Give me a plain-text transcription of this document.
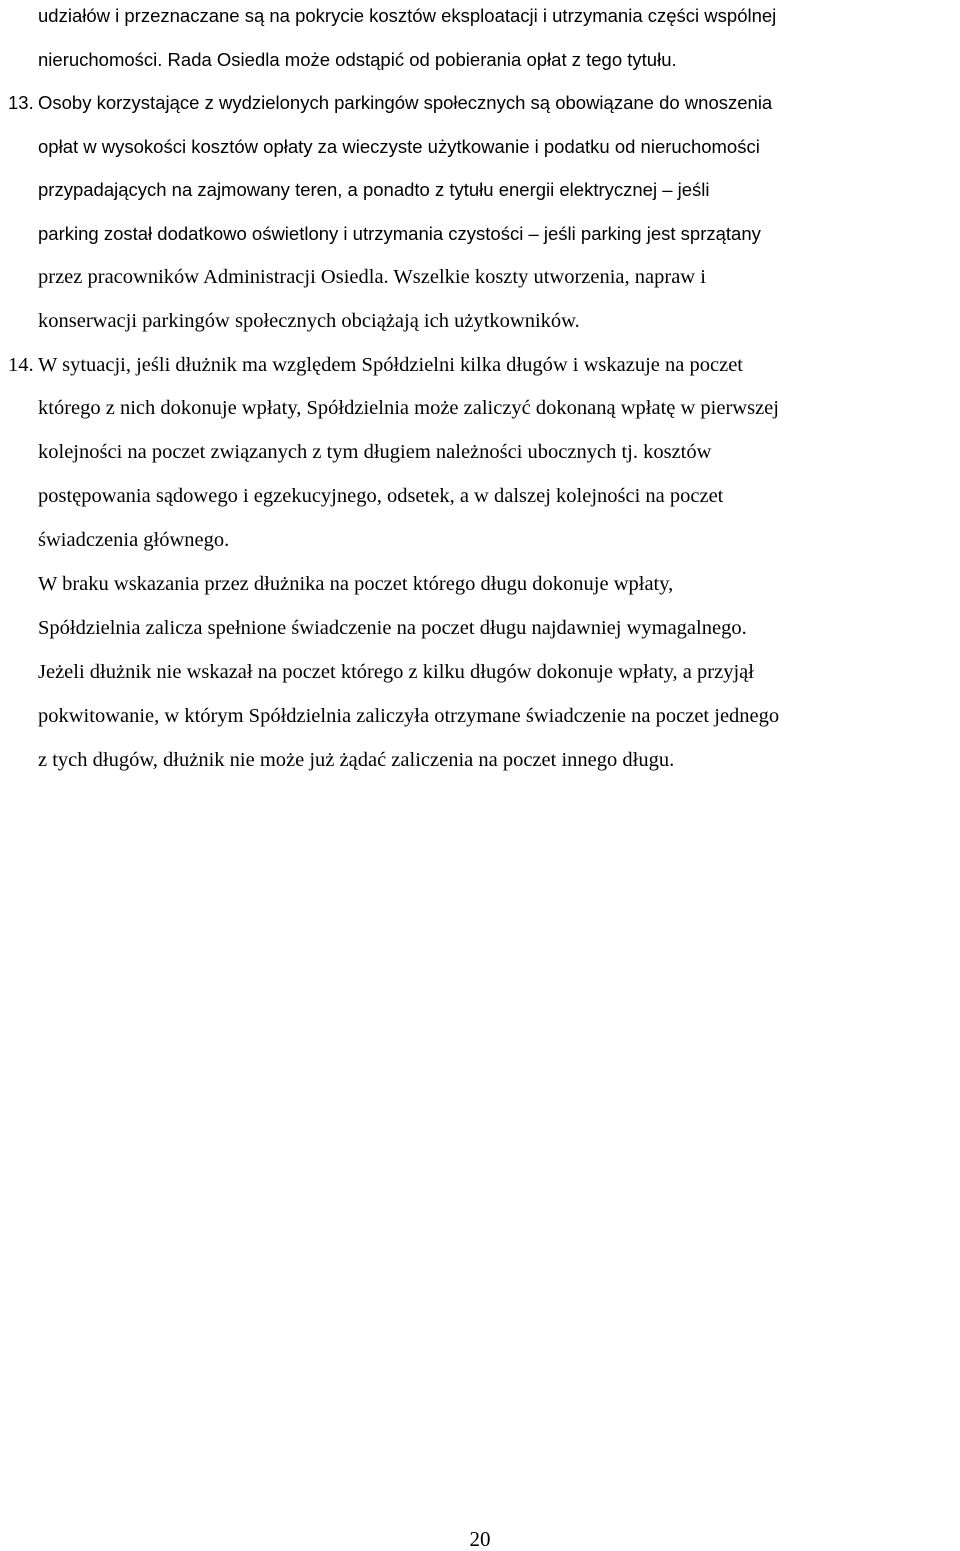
udziałów i przeznaczane są na pokrycie kosztów eksploatacji i utrzymania części wspólnej

nieruchomości. Rada Osiedla może odstąpić od pobierania opłat z tego tytułu.

13. Osoby korzystające z wydzielonych parkingów społecznych są obowiązane do wnoszenia

opłat w wysokości kosztów opłaty za wieczyste użytkowanie i podatku od nieruchomości

przypadających na zajmowany teren, a ponadto z tytułu energii elektrycznej – jeśli

parking został dodatkowo oświetlony i utrzymania czystości – jeśli parking jest sprzątany

przez pracowników Administracji Osiedla. Wszelkie koszty utworzenia, napraw i

konserwacji parkingów społecznych obciążają ich użytkowników.

14. W sytuacji, jeśli dłużnik ma względem Spółdzielni kilka długów i wskazuje na poczet

którego z nich dokonuje wpłaty, Spółdzielnia może zaliczyć dokonaną wpłatę w pierwszej

kolejności na poczet związanych z tym długiem należności ubocznych tj. kosztów

postępowania sądowego i egzekucyjnego, odsetek, a w dalszej kolejności na poczet

świadczenia głównego.

W braku wskazania przez dłużnika na poczet którego długu dokonuje wpłaty,

Spółdzielnia zalicza spełnione świadczenie na poczet długu najdawniej wymagalnego.

Jeżeli dłużnik nie wskazał na poczet którego z kilku długów dokonuje wpłaty, a przyjął

pokwitowanie, w którym Spółdzielnia zaliczyła otrzymane świadczenie na poczet jednego

z tych długów, dłużnik nie może już żądać zaliczenia na poczet innego długu.

20
